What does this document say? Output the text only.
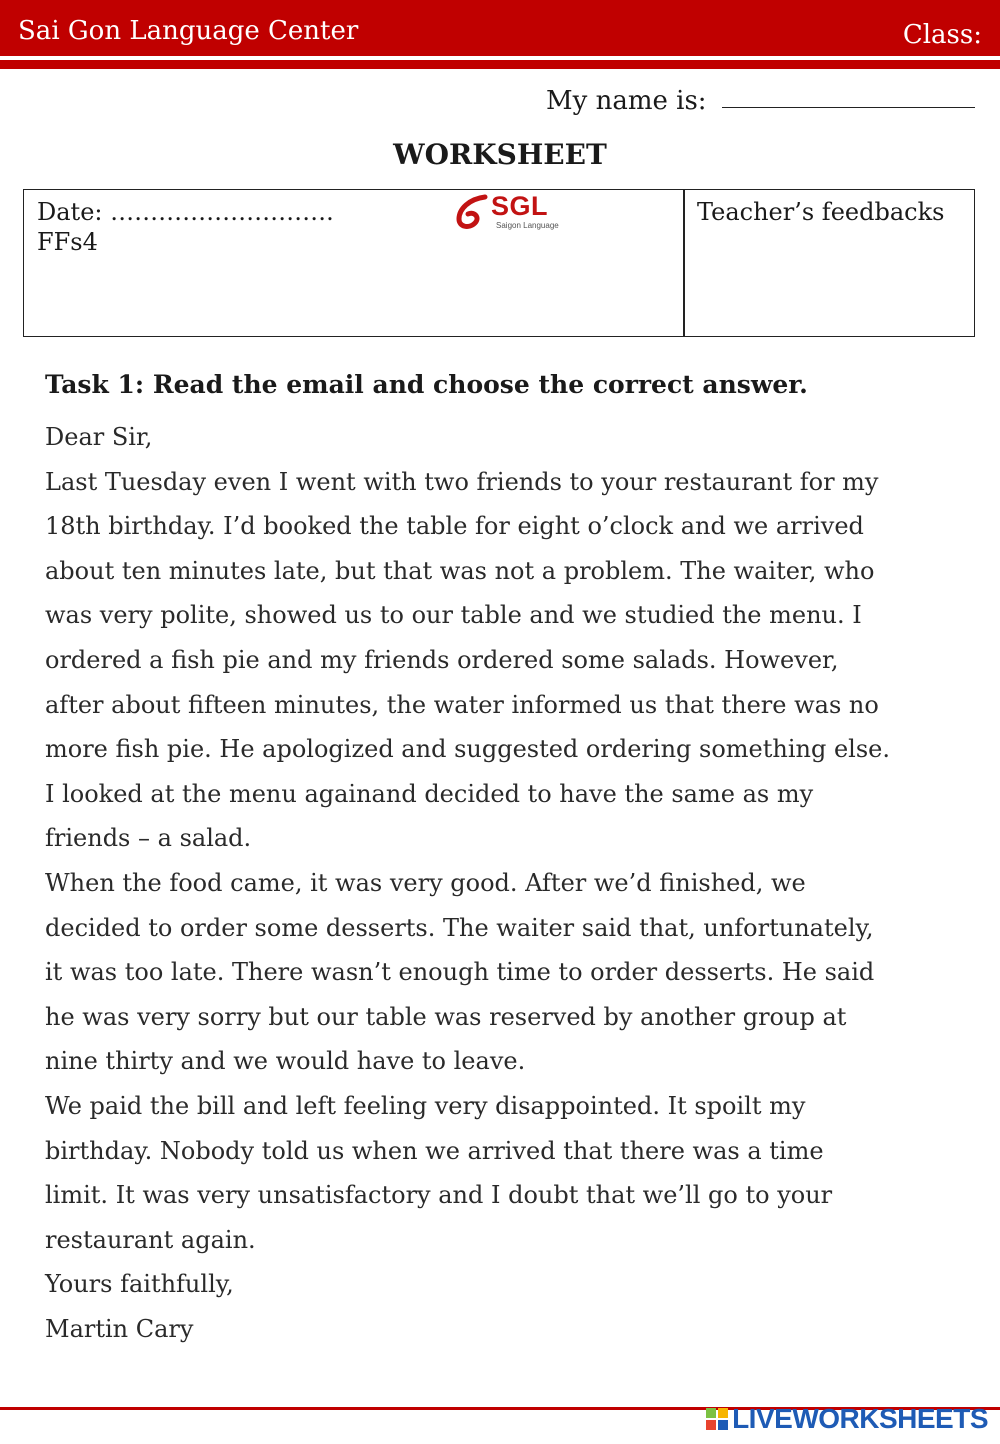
Sai Gon Language Center	Class:
My name is:
WORKSHEET
Date: ……………………….
FFs4
Teacher’s feedbacks
SGL
Saigon Language
Task 1: Read the email and choose the correct answer.
Dear Sir,
Last Tuesday even I went with two friends to your restaurant for my
18th birthday. I’d booked the table for eight o’clock and we arrived
about ten minutes late, but that was not a problem. The waiter, who
was very polite, showed us to our table and we studied the menu. I
ordered a fish pie and my friends ordered some salads. However,
after about fifteen minutes, the water informed us that there was no
more fish pie. He apologized and suggested ordering something else.
I looked at the menu againand decided to have the same as my
friends – a salad.
When the food came, it was very good. After we’d finished, we
decided to order some desserts. The waiter said that, unfortunately,
it was too late. There wasn’t enough time to order desserts. He said
he was very sorry but our table was reserved by another group at
nine thirty and we would have to leave.
We paid the bill and left feeling very disappointed. It spoilt my
birthday. Nobody told us when we arrived that there was a time
limit. It was very unsatisfactory and I doubt that we’ll go to your
restaurant again.
Yours faithfully,
Martin Cary
LIVEWORKSHEETS
